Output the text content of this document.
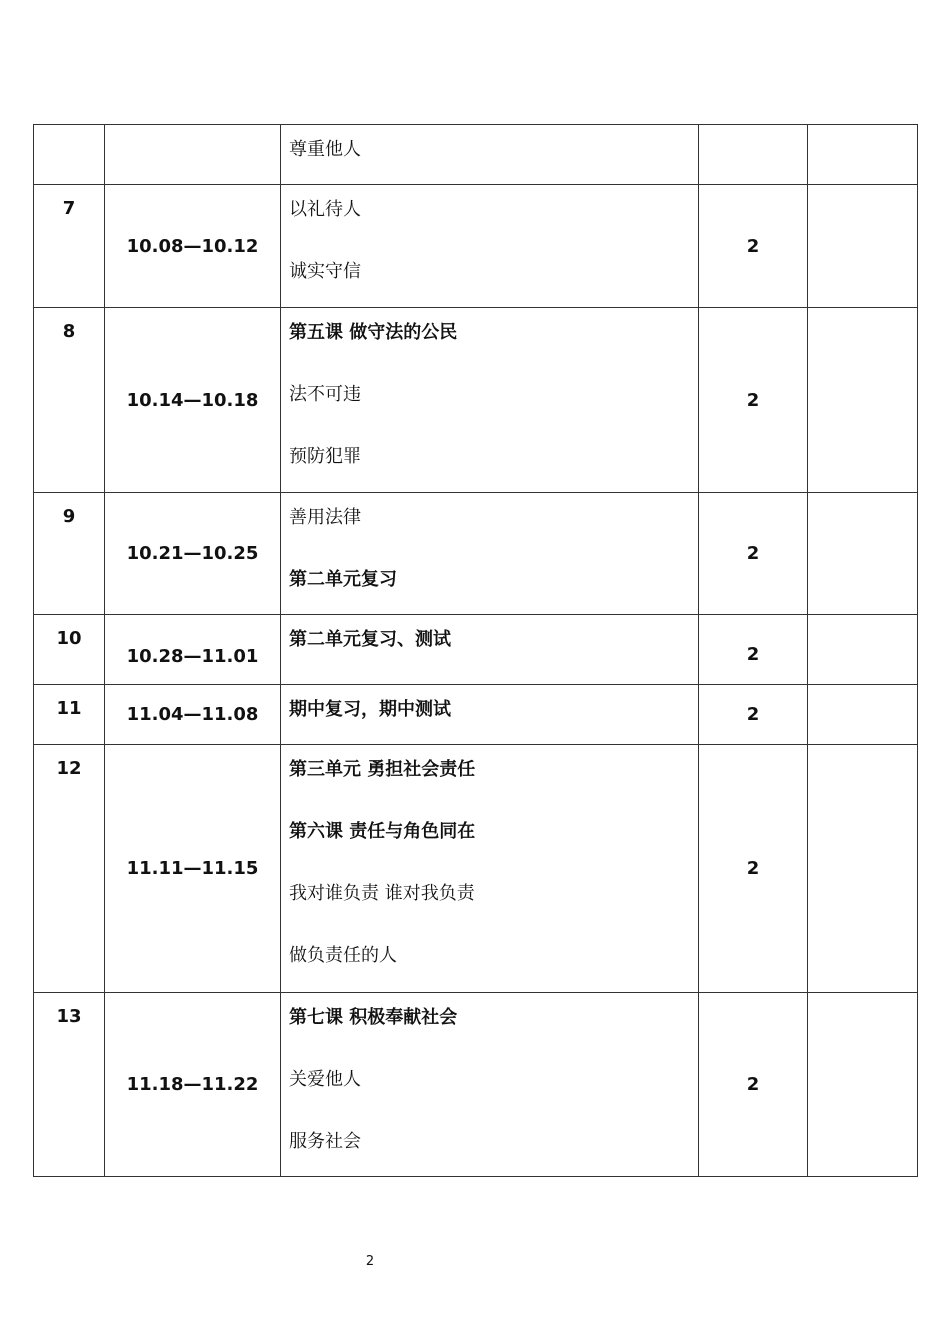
		尊重他人		

7	10.08—10.12	以礼待人
诚实守信	2	
8	10.14—10.18	第五课 做守法的公民
法不可违
预防犯罪	2	
9	10.21—10.25	善用法律
第二单元复习	2	
10	10.28—11.01	第二单元复习、测试	2	
11	11.04—11.08	期中复习，期中测试	2	
12	11.11—11.15	第三单元 勇担社会责任
第六课 责任与角色同在
我对谁负责 谁对我负责
做负责任的人	2	
13	11.18—11.22	第七课 积极奉献社会
关爱他人
服务社会	2	
2
